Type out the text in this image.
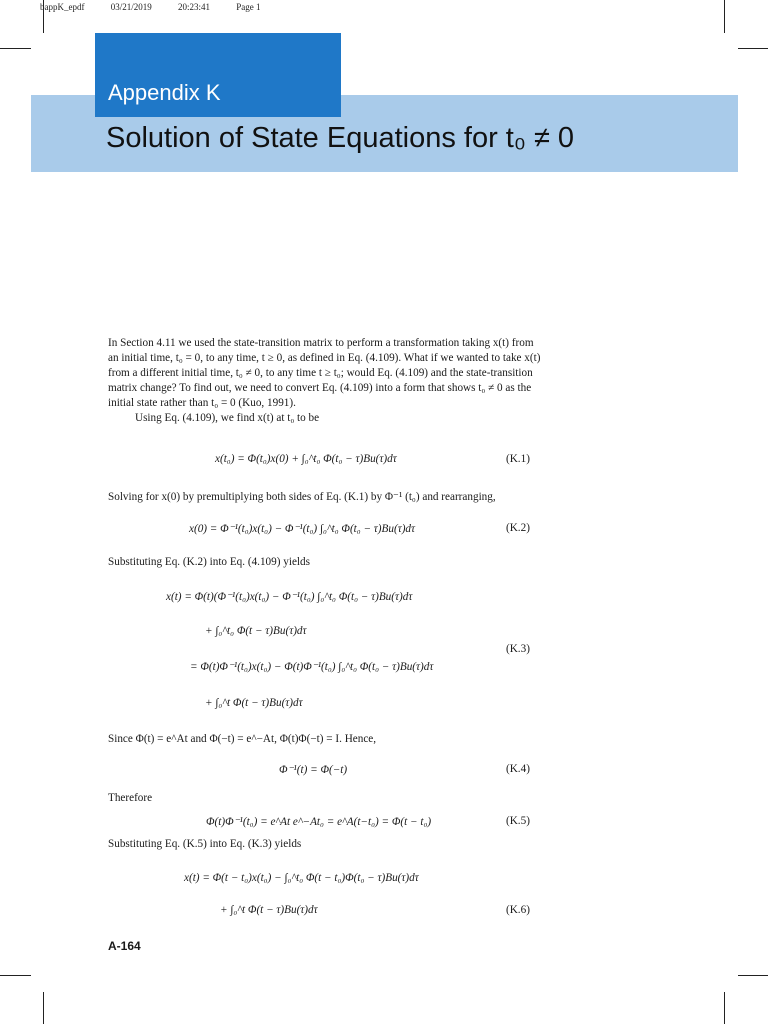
bappK_epdf	03/21/2019	20:23:41	Page 1
Appendix K
Solution of State Equations for t₀ ≠ 0
In Section 4.11 we used the state-transition matrix to perform a transformation taking x(t) from
an initial time, t₀ = 0, to any time, t ≥ 0, as defined in Eq. (4.109). What if we wanted to take x(t)
from a different initial time, t₀ ≠ 0, to any time t ≥ t₀; would Eq. (4.109) and the state-transition
matrix change? To find out, we need to convert Eq. (4.109) into a form that shows t₀ ≠ 0 as the
initial state rather than t₀ = 0 (Kuo, 1991).
Using Eq. (4.109), we find x(t) at t₀ to be
x(t₀) = Φ(t₀)x(0) + ∫₀^t₀ Φ(t₀ − τ)Bu(τ)dτ	(K.1)
Solving for x(0) by premultiplying both sides of Eq. (K.1) by Φ⁻¹ (t₀) and rearranging,
x(0) = Φ⁻¹(t₀)x(t₀) − Φ⁻¹(t₀) ∫₀^t₀ Φ(t₀ − τ)Bu(τ)dτ	(K.2)
Substituting Eq. (K.2) into Eq. (4.109) yields
x(t) = Φ(t)(Φ⁻¹(t₀)x(t₀) − Φ⁻¹(t₀) ∫₀^t₀ Φ(t₀ − τ)Bu(τ)dτ
+ ∫₀^t₀ Φ(t − τ)Bu(τ)dτ
= Φ(t)Φ⁻¹(t₀)x(t₀) − Φ(t)Φ⁻¹(t₀) ∫₀^t₀ Φ(t₀ − τ)Bu(τ)dτ
+ ∫₀^t Φ(t − τ)Bu(τ)dτ
(K.3)
Since Φ(t) = e^At and Φ(−t) = e^−At, Φ(t)Φ(−t) = I. Hence,
Φ⁻¹(t) = Φ(−t)	(K.4)
Therefore
Φ(t)Φ⁻¹(t₀) = e^At e^−At₀ = e^A(t−t₀) = Φ(t − t₀)	(K.5)
Substituting Eq. (K.5) into Eq. (K.3) yields
x(t) = Φ(t − t₀)x(t₀) − ∫₀^t₀ Φ(t − t₀)Φ(t₀ − τ)Bu(τ)dτ
+ ∫₀^t Φ(t − τ)Bu(τ)dτ	(K.6)
A-164
